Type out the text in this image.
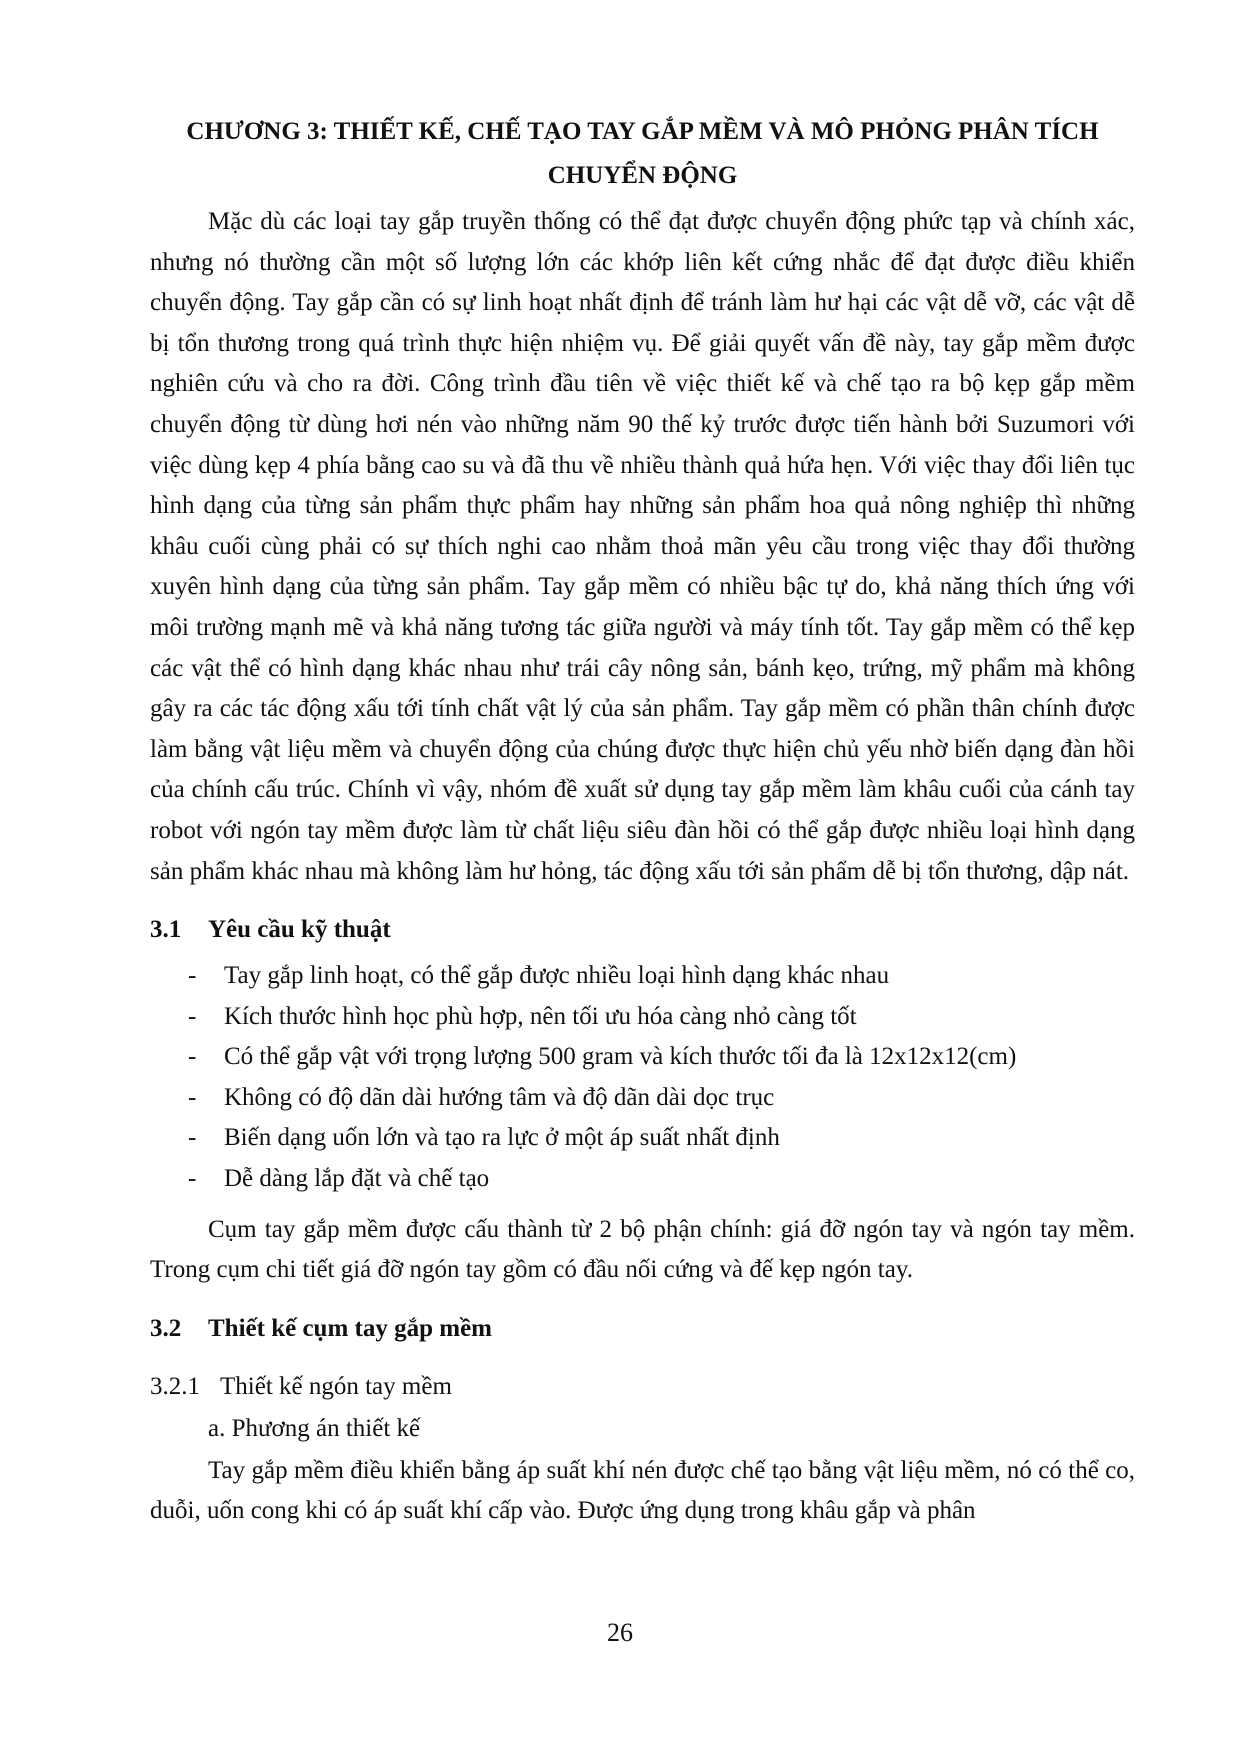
CHƯƠNG 3: THIẾT KẾ, CHẾ TẠO TAY GẮP MỀM VÀ MÔ PHỎNG PHÂN TÍCH
CHUYỂN ĐỘNG

Mặc dù các loại tay gắp truyền thống có thể đạt được chuyển động phức tạp và chính xác, nhưng nó thường cần một số lượng lớn các khớp liên kết cứng nhắc để đạt được điều khiển chuyển động. Tay gắp cần có sự linh hoạt nhất định để tránh làm hư hại các vật dễ vỡ, các vật dễ bị tổn thương trong quá trình thực hiện nhiệm vụ. Để giải quyết vấn đề này, tay gắp mềm được nghiên cứu và cho ra đời. Công trình đầu tiên về việc thiết kế và chế tạo ra bộ kẹp gắp mềm chuyển động từ dùng hơi nén vào những năm 90 thế kỷ trước được tiến hành bởi Suzumori với việc dùng kẹp 4 phía bằng cao su và đã thu về nhiều thành quả hứa hẹn. Với việc thay đổi liên tục hình dạng của từng sản phẩm thực phẩm hay những sản phẩm hoa quả nông nghiệp thì những khâu cuối cùng phải có sự thích nghi cao nhằm thoả mãn yêu cầu trong việc thay đổi thường xuyên hình dạng của từng sản phẩm. Tay gắp mềm có nhiều bậc tự do, khả năng thích ứng với môi trường mạnh mẽ và khả năng tương tác giữa người và máy tính tốt. Tay gắp mềm có thể kẹp các vật thể có hình dạng khác nhau như trái cây nông sản, bánh kẹo, trứng, mỹ phẩm mà không gây ra các tác động xấu tới tính chất vật lý của sản phẩm. Tay gắp mềm có phần thân chính được làm bằng vật liệu mềm và chuyển động của chúng được thực hiện chủ yếu nhờ biến dạng đàn hồi của chính cấu trúc. Chính vì vậy, nhóm đề xuất sử dụng tay gắp mềm làm khâu cuối của cánh tay robot với ngón tay mềm được làm từ chất liệu siêu đàn hồi có thể gắp được nhiều loại hình dạng sản phẩm khác nhau mà không làm hư hỏng, tác động xấu tới sản phẩm dễ bị tổn thương, dập nát.

3.1 Yêu cầu kỹ thuật
- Tay gắp linh hoạt, có thể gắp được nhiều loại hình dạng khác nhau
- Kích thước hình học phù hợp, nên tối ưu hóa càng nhỏ càng tốt
- Có thể gắp vật với trọng lượng 500 gram và kích thước tối đa là 12x12x12(cm)
- Không có độ dãn dài hướng tâm và độ dãn dài dọc trục
- Biến dạng uốn lớn và tạo ra lực ở một áp suất nhất định
- Dễ dàng lắp đặt và chế tạo

Cụm tay gắp mềm được cấu thành từ 2 bộ phận chính: giá đỡ ngón tay và ngón tay mềm. Trong cụm chi tiết giá đỡ ngón tay gồm có đầu nối cứng và đế kẹp ngón tay.

3.2 Thiết kế cụm tay gắp mềm
3.2.1 Thiết kế ngón tay mềm
a. Phương án thiết kế

Tay gắp mềm điều khiển bằng áp suất khí nén được chế tạo bằng vật liệu mềm, nó có thể co, duỗi, uốn cong khi có áp suất khí cấp vào. Được ứng dụng trong khâu gắp và phân

26
